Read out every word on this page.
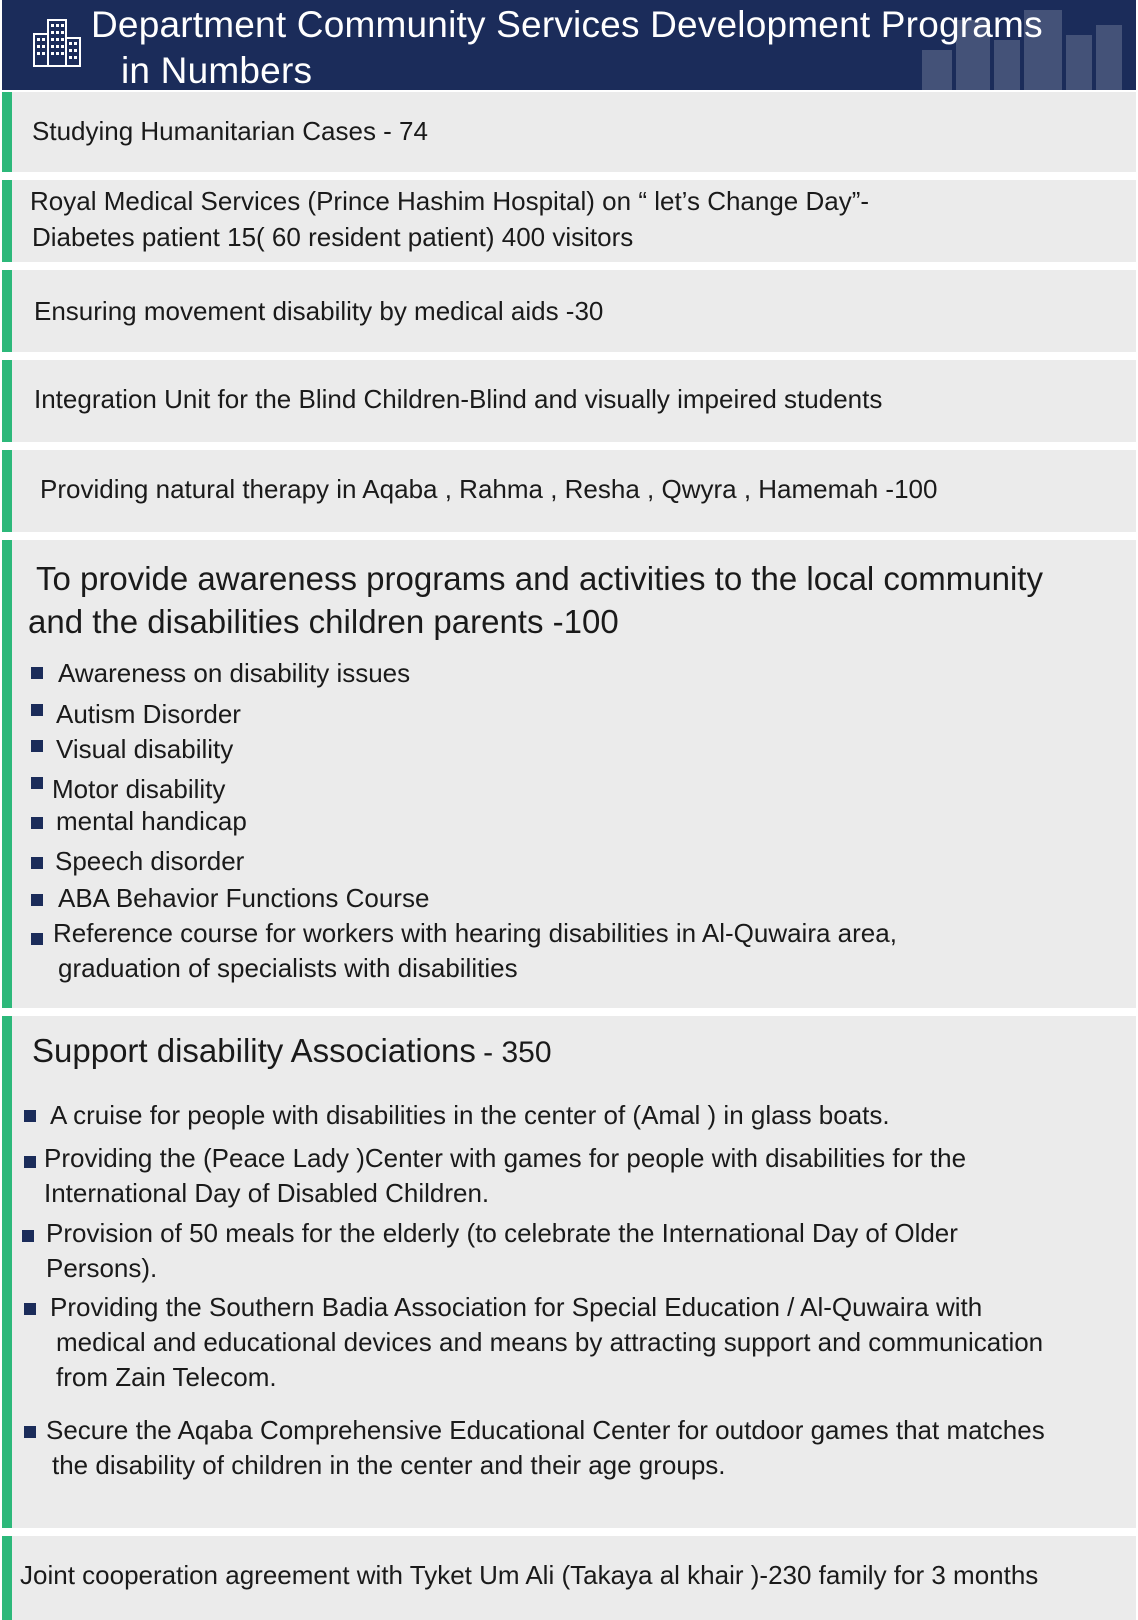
Department Community Services Development Programs
in Numbers
Studying Humanitarian Cases - 74
Royal Medical Services (Prince Hashim Hospital) on “ let’s Change Day”-
Diabetes patient 15( 60 resident patient) 400 visitors
Ensuring movement disability by medical aids -30
Integration Unit for the Blind Children-Blind and visually impeired students
Providing natural therapy in Aqaba , Rahma , Resha , Qwyra , Hamemah -100
To provide awareness programs and activities to the local community
and the disabilities children parents -100
Awareness on disability issues
Autism Disorder
Visual disability
Motor disability
mental handicap
Speech disorder
ABA Behavior Functions Course
Reference course for workers with hearing disabilities in Al-Quwaira area,
graduation of specialists with disabilities
Support disability Associations - 350
A cruise for people with disabilities in the center of (Amal ) in glass boats.
Providing the (Peace Lady )Center with games for people with disabilities for the
International Day of Disabled Children.
Provision of 50 meals for the elderly (to celebrate the International Day of Older
Persons).
Providing the Southern Badia Association for Special Education / Al-Quwaira with
medical and educational devices and means by attracting support and communication
from Zain Telecom.
Secure the Aqaba Comprehensive Educational Center for outdoor games that matches
the disability of children in the center and their age groups.
Joint cooperation agreement with Tyket Um Ali (Takaya al khair )-230 family for 3 months
